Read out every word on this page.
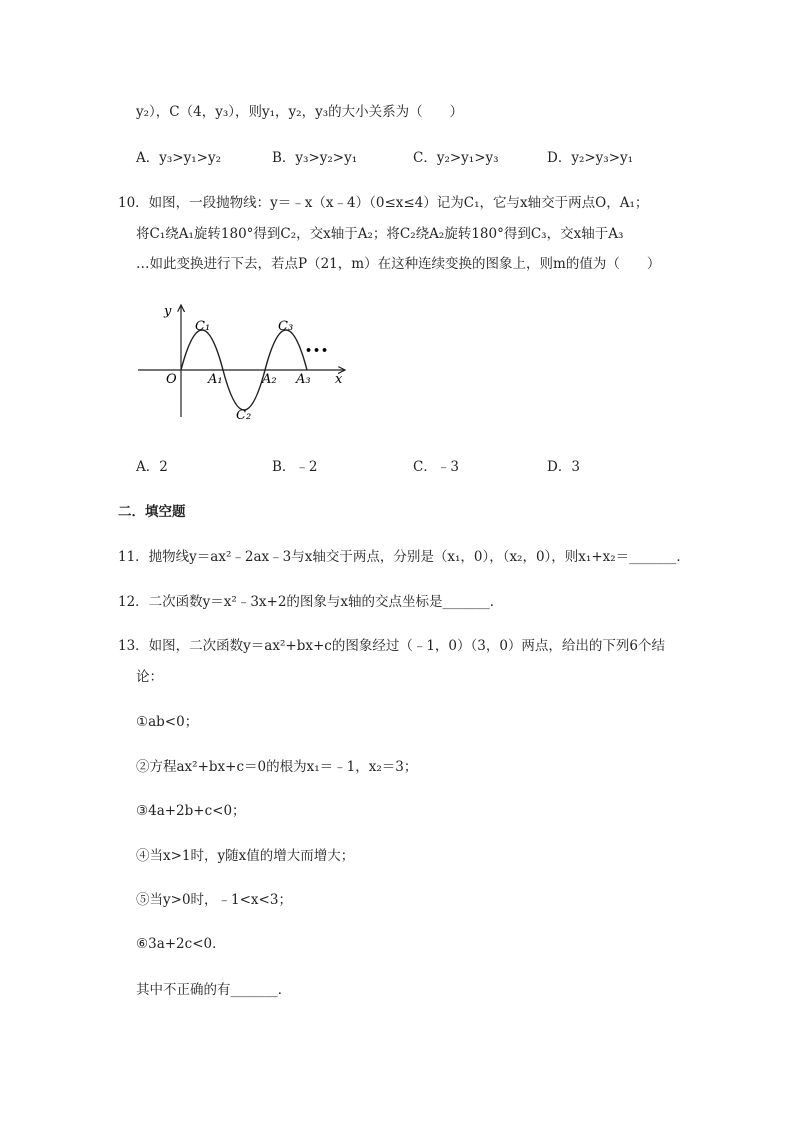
y₂），C（4，y₃），则y₁，y₂，y₃的大小关系为（　　）
A．y₃>y₁>y₂	B．y₃>y₂>y₁	C．y₂>y₁>y₃	D．y₂>y₃>y₁
10．如图，一段抛物线：y＝﹣x（x﹣4）（0≤x≤4）记为C₁，它与x轴交于两点O，A₁；
将C₁绕A₁旋转180°得到C₂，交x轴于A₂；将C₂绕A₂旋转180°得到C₃，交x轴于A₃
…如此变换进行下去，若点P（21，m）在这种连续变换的图象上，则m的值为（　　）
y
x
O
C₁
C₂
C₃
A₁	A₂ A₃
•••
A．2	B．﹣2	C．﹣3	D．3
二．填空题
11．抛物线y＝ax²﹣2ax﹣3与x轴交于两点，分别是（x₁，0），（x₂，0），则x₁+x₂＝_______．
12．二次函数y＝x²﹣3x+2的图象与x轴的交点坐标是_______．
13．如图，二次函数y＝ax²+bx+c的图象经过（﹣1，0）（3，0）两点，给出的下列6个结
论：
①ab<0；
②方程ax²+bx+c＝0的根为x₁＝﹣1，x₂＝3；
③4a+2b+c<0；
④当x>1时，y随x值的增大而增大；
⑤当y>0时，﹣1<x<3；
⑥3a+2c<0．
其中不正确的有_______．
